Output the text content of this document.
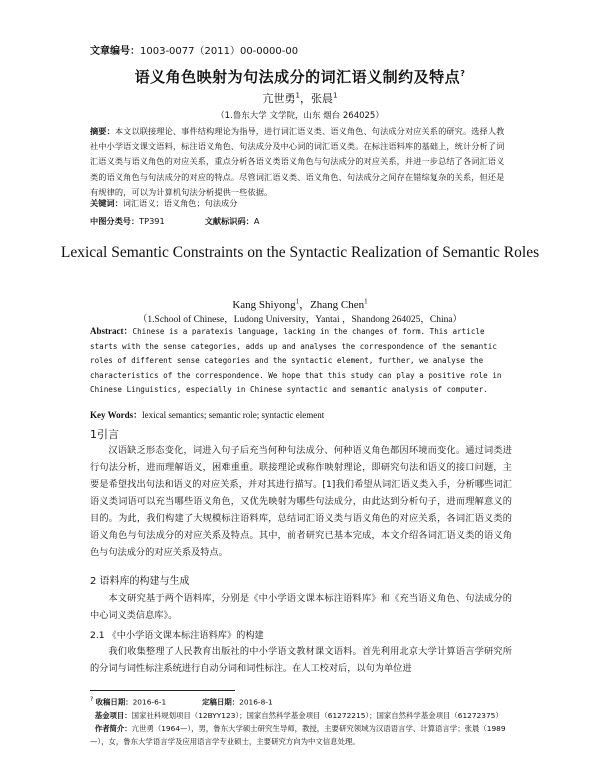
文章编号：1003-0077（2011）00-0000-00
语义角色映射为句法成分的词汇语义制约及特点?
亢世勇$^1$，张晨$^1$
（1.鲁东大学 文学院，山东 烟台 264025）
摘要：本文以联接理论、事件结构理论为指导，进行词汇语义类、语义角色、句法成分对应关系的研究。选择人教社中小学语文课文语料，标注语义角色、句法成分及中心词的词汇语义类。在标注语料库的基础上，统计分析了词汇语义类与语义角色的对应关系，重点分析各语义类语义角色与句法成分的对应关系，并进一步总结了各词汇语义类的语义角色与句法成分的对应的特点。尽管词汇语义类、语义角色、句法成分之间存在错综复杂的关系，但还是有规律的，可以为计算机句法分析提供一些依据。
关键词：词汇语义；语义角色；句法成分
中图分类号：TP391	文献标识码：A
Lexical Semantic Constraints on the Syntactic Realization of Semantic Roles
Kang Shiyong$^1$，Zhang Chen$^1$
（1.School of Chinese，Ludong University，Yantai ，Shandong 264025，China）
Abstract：Chinese is a paratexis language, lacking in the changes of form. This article starts with the sense categories, adds up and analyses the correspondence of the semantic roles of different sense categories and the syntactic element, further, we analyse the characteristics of the correspondence. We hope that this study can play a positive role in Chinese Linguistics, especially in Chinese syntactic and semantic analysis of computer.
Key Words：lexical semantics; semantic role; syntactic element
1引言
汉语缺乏形态变化，词进入句子后充当何种句法成分、何种语义角色都因环境而变化。通过词类进行句法分析，进而理解语义，困难重重。联接理论或称作映射理论，即研究句法和语义的接口问题，主要是希望找出句法和语义的对应关系，并对其进行描写。[1]我们希望从词汇语义类入手，分析哪些词汇语义类词语可以充当哪些语义角色，又优先映射为哪些句法成分，由此达到分析句子，进而理解意义的目的。为此，我们构建了大规模标注语料库，总结词汇语义类与语义角色的对应关系，各词汇语义类的语义角色与句法成分的对应关系及特点。其中，前者研究已基本完成，本文介绍各词汇语义类的语义角色与句法成分的对应关系及特点。
2 语料库的构建与生成
本文研究基于两个语料库，分别是《中小学语文课本标注语料库》和《充当语义角色、句法成分的中心词义类信息库》。
2.1 《中小学语文课本标注语料库》的构建
我们收集整理了人民教育出版社的中小学语文教材课文语料。首先利用北京大学计算语言学研究所的分词与词性标注系统进行自动分词和词性标注。在人工校对后，以句为单位进
? 收稿日期：2016-6-1	定稿日期：2016-8-1
基金项目：国家社科规划项目（12BYY123）；国家自然科学基金项目（61272215）；国家自然科学基金项目（61272375）
作者简介：亢世勇（1964—），男，鲁东大学硕士研究生导师，教授，主要研究领域为汉语语言学、计算语言学；张晨（1989—），女，鲁东大学语言学及应用语言学专业硕士，主要研究方向为中文信息处理。
